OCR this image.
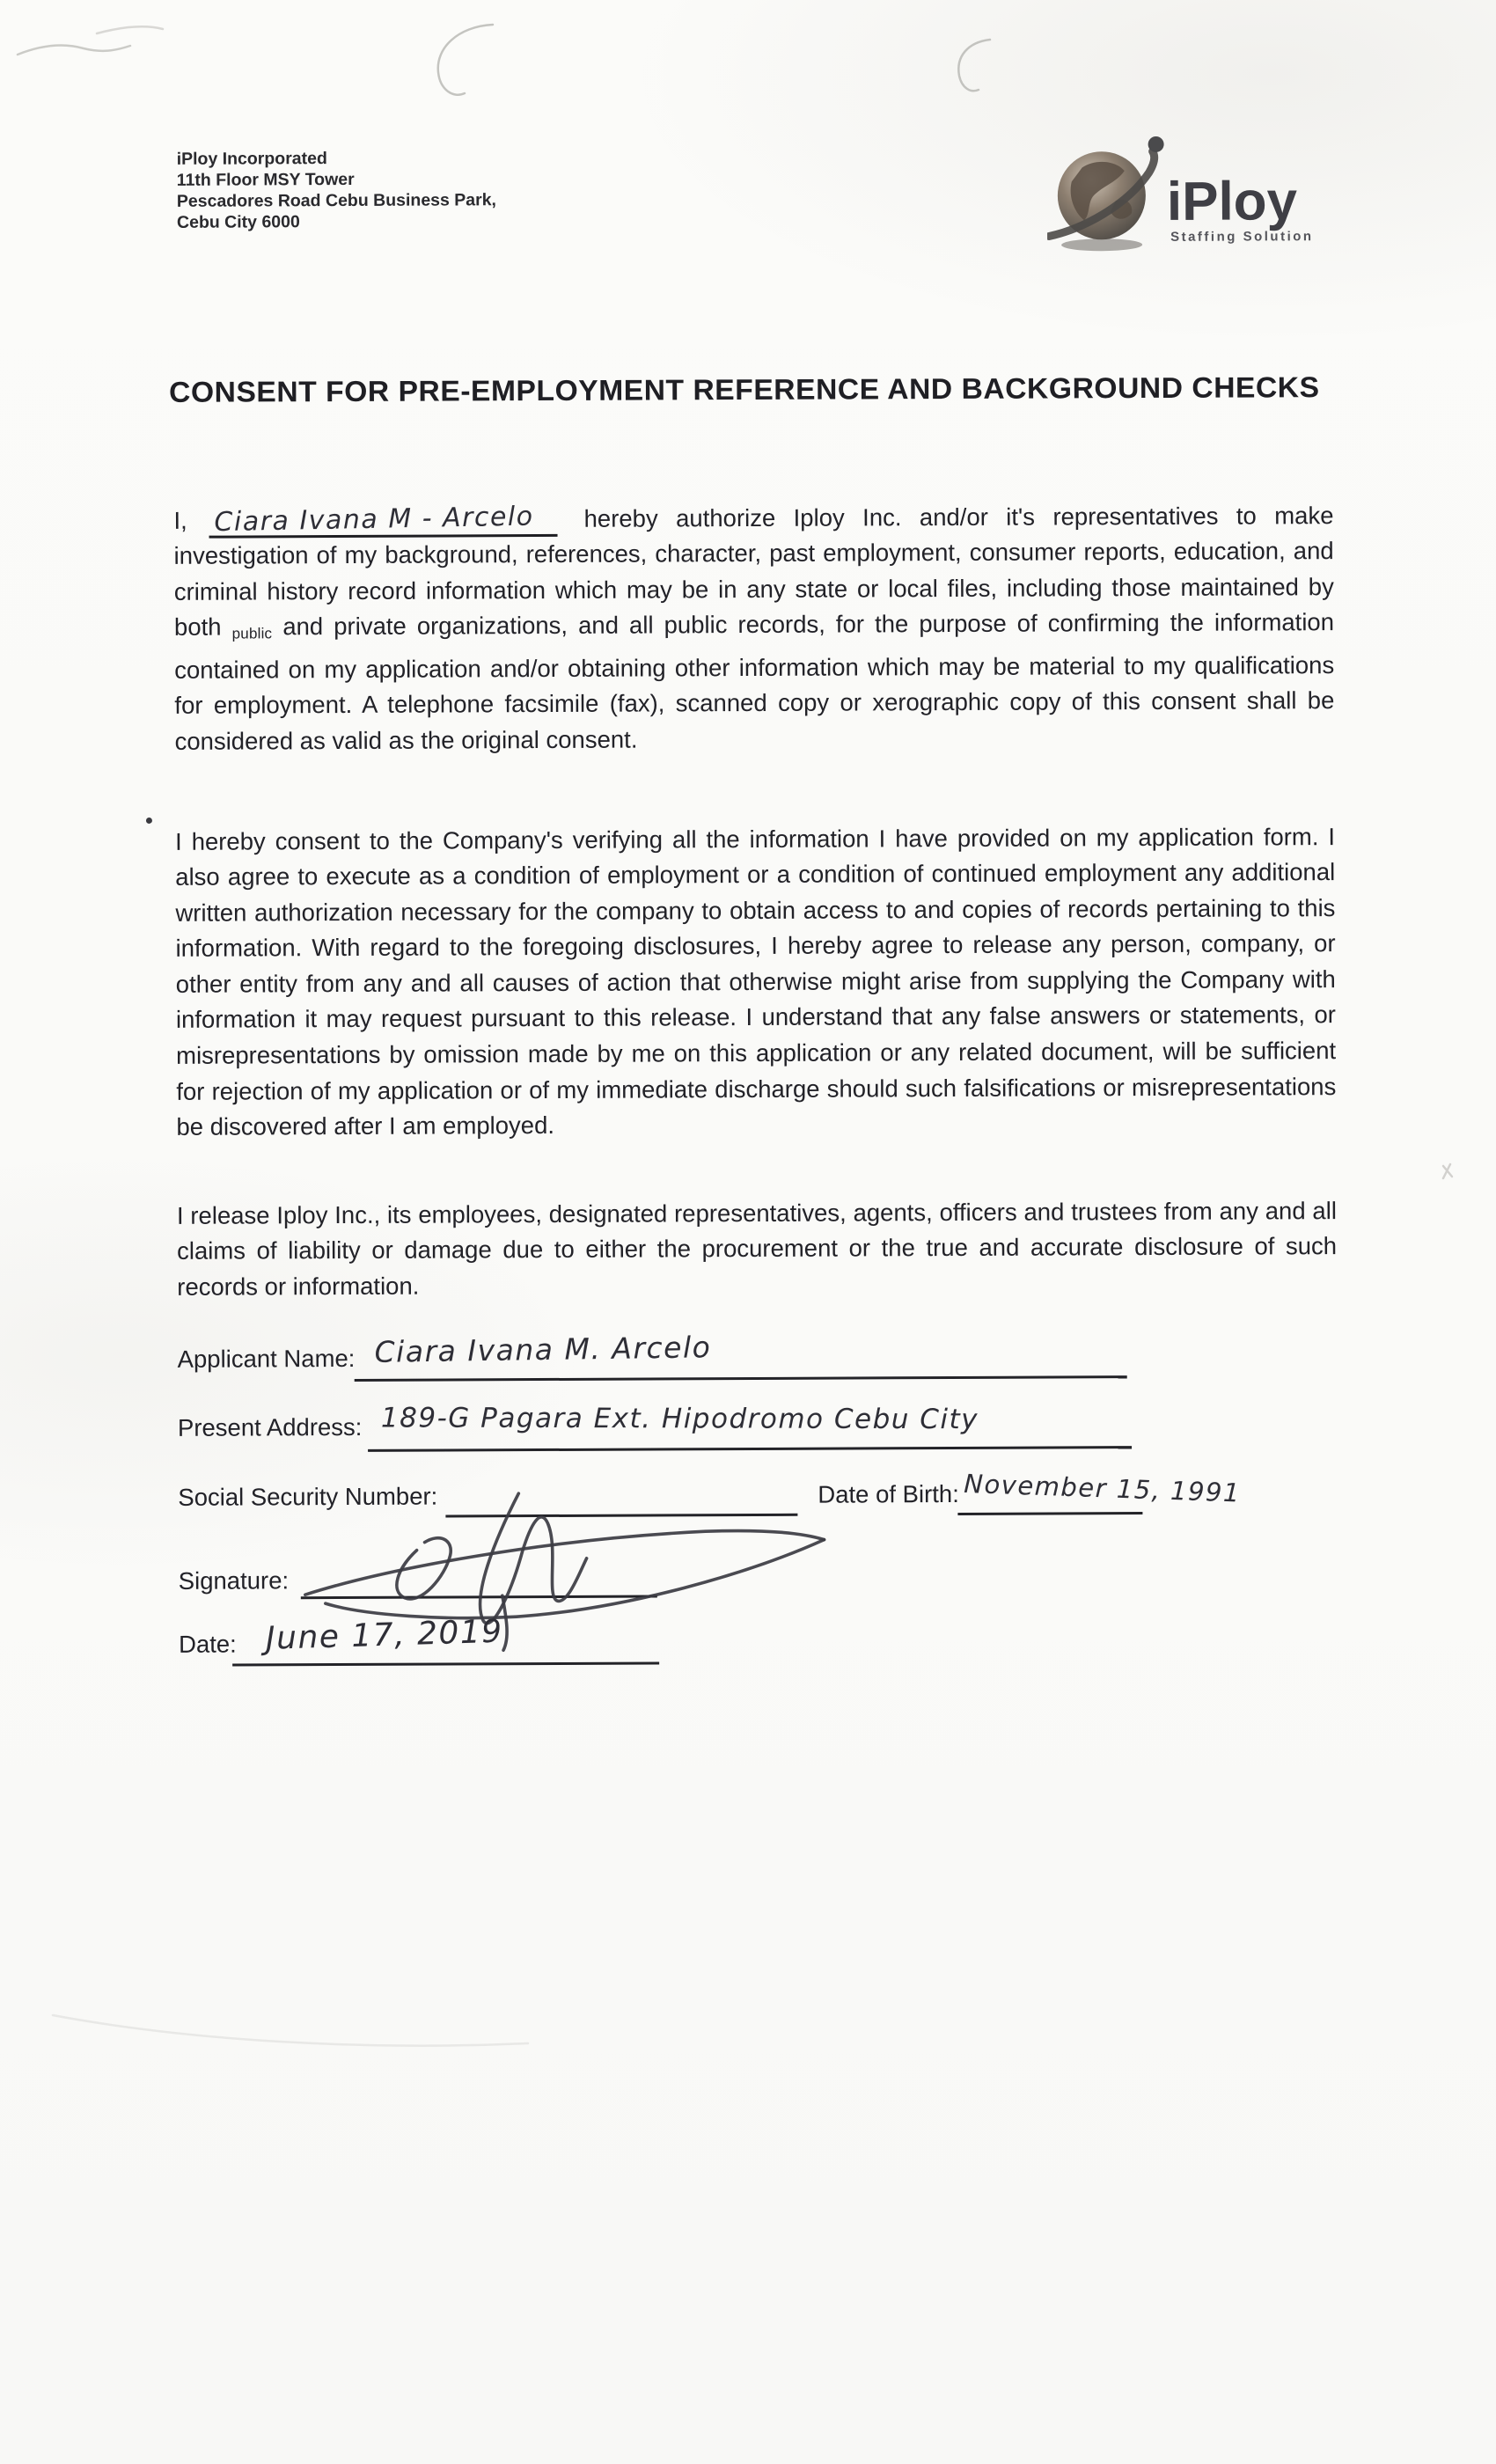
iPloy Incorporated
11th Floor MSY Tower
Pescadores Road Cebu Business Park,
Cebu City 6000	iPloy
Staffing Solutions
CONSENT FOR PRE-EMPLOYMENT REFERENCE AND BACKGROUND CHECKS

I, Ciara Ivana M - Arcelo hereby authorize Iploy Inc. and/or it's representatives to make investigation of my background, references, character, past employment, consumer reports, education, and criminal history record information which may be in any state or local files, including those maintained by both public and private organizations, and all public records, for the purpose of confirming the information contained on my application and/or obtaining other information which may be material to my qualifications for employment. A telephone facsimile (fax), scanned copy or xerographic copy of this consent shall be considered as valid as the original consent.

I hereby consent to the Company's verifying all the information I have provided on my application form. I also agree to execute as a condition of employment or a condition of continued employment any additional written authorization necessary for the company to obtain access to and copies of records pertaining to this information. With regard to the foregoing disclosures, I hereby agree to release any person, company, or other entity from any and all causes of action that otherwise might arise from supplying the Company with information it may request pursuant to this release. I understand that any false answers or statements, or misrepresentations by omission made by me on this application or any related document, will be sufficient for rejection of my application or of my immediate discharge should such falsifications or misrepresentations be discovered after I am employed.

I release Iploy Inc., its employees, designated representatives, agents, officers and trustees from any and all claims of liability or damage due to either the procurement or the true and accurate disclosure of such records or information.

Applicant Name: Ciara Ivana M. Arcelo
Present Address: 189-G Pagara Ext. Hipodromo Cebu City
Social Security Number:	Date of Birth: November 15, 1991
Signature:
Date: June 17, 2019
